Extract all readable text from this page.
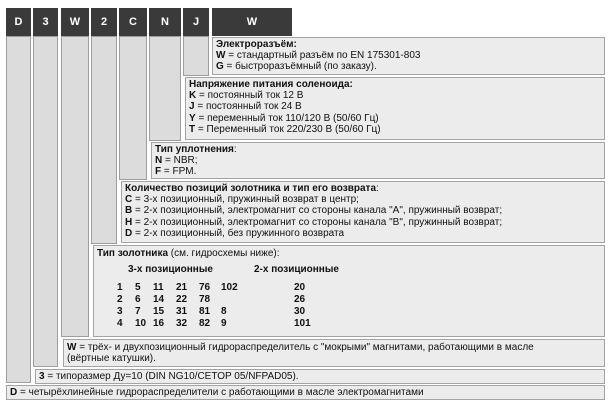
D	3	W	2	C	N	J	W
Электроразъём:
W = стандартный разъём по EN 175301-803
G = быстроразъёмный (по заказу).
Напряжение питания соленоида:
K = постоянный ток 12 В
J = постоянный ток 24 В
Y = переменный ток 110/120 В (50/60 Гц)
T = Переменный ток 220/230 В (50/60 Гц)
Тип уплотнения:
N = NBR;
F = FPM.
Количество позиций золотника и тип его возврата:
C = 3-х позиционный, пружинный возврат в центр;
B = 2-х позиционный, электромагнит со стороны канала "А", пружинный возврат;
H = 2-х позиционный, электромагнит со стороны канала "В", пружинный возврат;
D = 2-х позиционный, без пружинного возврата
Тип золотника (см. гидросхемы ниже):
3-х позиционные	2-х позиционные
1 5 11 21 76 102	20
2 6 14 22 78	26
3 7 15 31 81 8	30
4 10 16 32 82 9	101
W = трёх- и двухпозиционный гидрораспределитель с "мокрыми" магнитами, работающими в масле
(вёртные катушки).
3 = типоразмер Ду=10 (DIN NG10/CETOP 05/NFPAD05).
D = четырёхлинейные гидрораспределители с работающими в масле электромагнитами
